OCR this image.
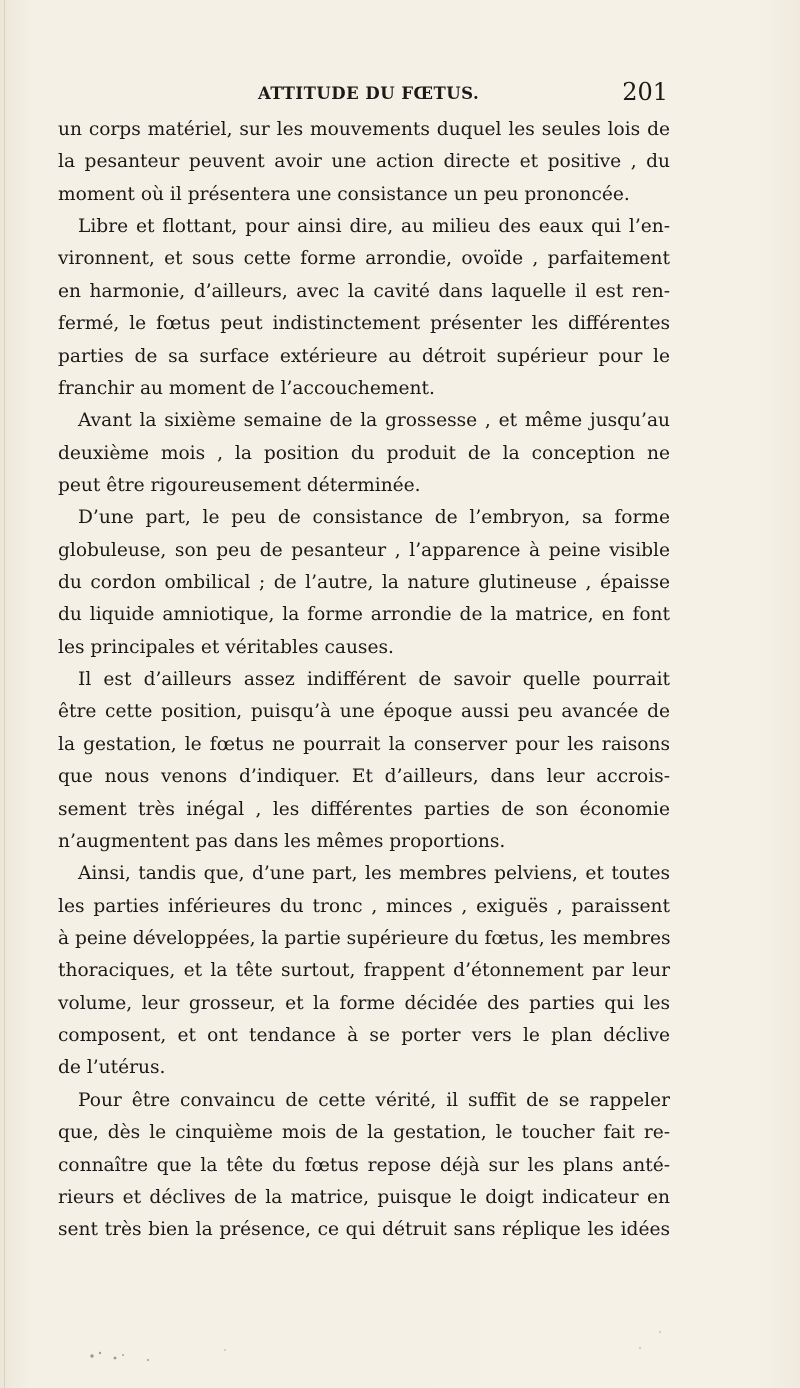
ATTITUDE DU FŒTUS.	201
un corps matériel, sur les mouvements duquel les seules lois de
la pesanteur peuvent avoir une action directe et positive , du
moment où il présentera une consistance un peu prononcée.
Libre et flottant, pour ainsi dire, au milieu des eaux qui l’en-
vironnent, et sous cette forme arrondie, ovoïde , parfaitement
en harmonie, d’ailleurs, avec la cavité dans laquelle il est ren-
fermé, le fœtus peut indistinctement présenter les différentes
parties de sa surface extérieure au détroit supérieur pour le
franchir au moment de l’accouchement.
Avant la sixième semaine de la grossesse , et même jusqu’au
deuxième mois , la position du produit de la conception ne
peut être rigoureusement déterminée.
D’une part, le peu de consistance de l’embryon, sa forme
globuleuse, son peu de pesanteur , l’apparence à peine visible
du cordon ombilical ; de l’autre, la nature glutineuse , épaisse
du liquide amniotique, la forme arrondie de la matrice, en font
les principales et véritables causes.
Il est d’ailleurs assez indifférent de savoir quelle pourrait
être cette position, puisqu’à une époque aussi peu avancée de
la gestation, le fœtus ne pourrait la conserver pour les raisons
que nous venons d’indiquer. Et d’ailleurs, dans leur accrois-
sement très inégal , les différentes parties de son économie
n’augmentent pas dans les mêmes proportions.
Ainsi, tandis que, d’une part, les membres pelviens, et toutes
les parties inférieures du tronc , minces , exiguës , paraissent
à peine développées, la partie supérieure du fœtus, les membres
thoraciques, et la tête surtout, frappent d’étonnement par leur
volume, leur grosseur, et la forme décidée des parties qui les
composent, et ont tendance à se porter vers le plan déclive
de l’utérus.
Pour être convaincu de cette vérité, il suffit de se rappeler
que, dès le cinquième mois de la gestation, le toucher fait re-
connaître que la tête du fœtus repose déjà sur les plans anté-
rieurs et déclives de la matrice, puisque le doigt indicateur en
sent très bien la présence, ce qui détruit sans réplique les idées
